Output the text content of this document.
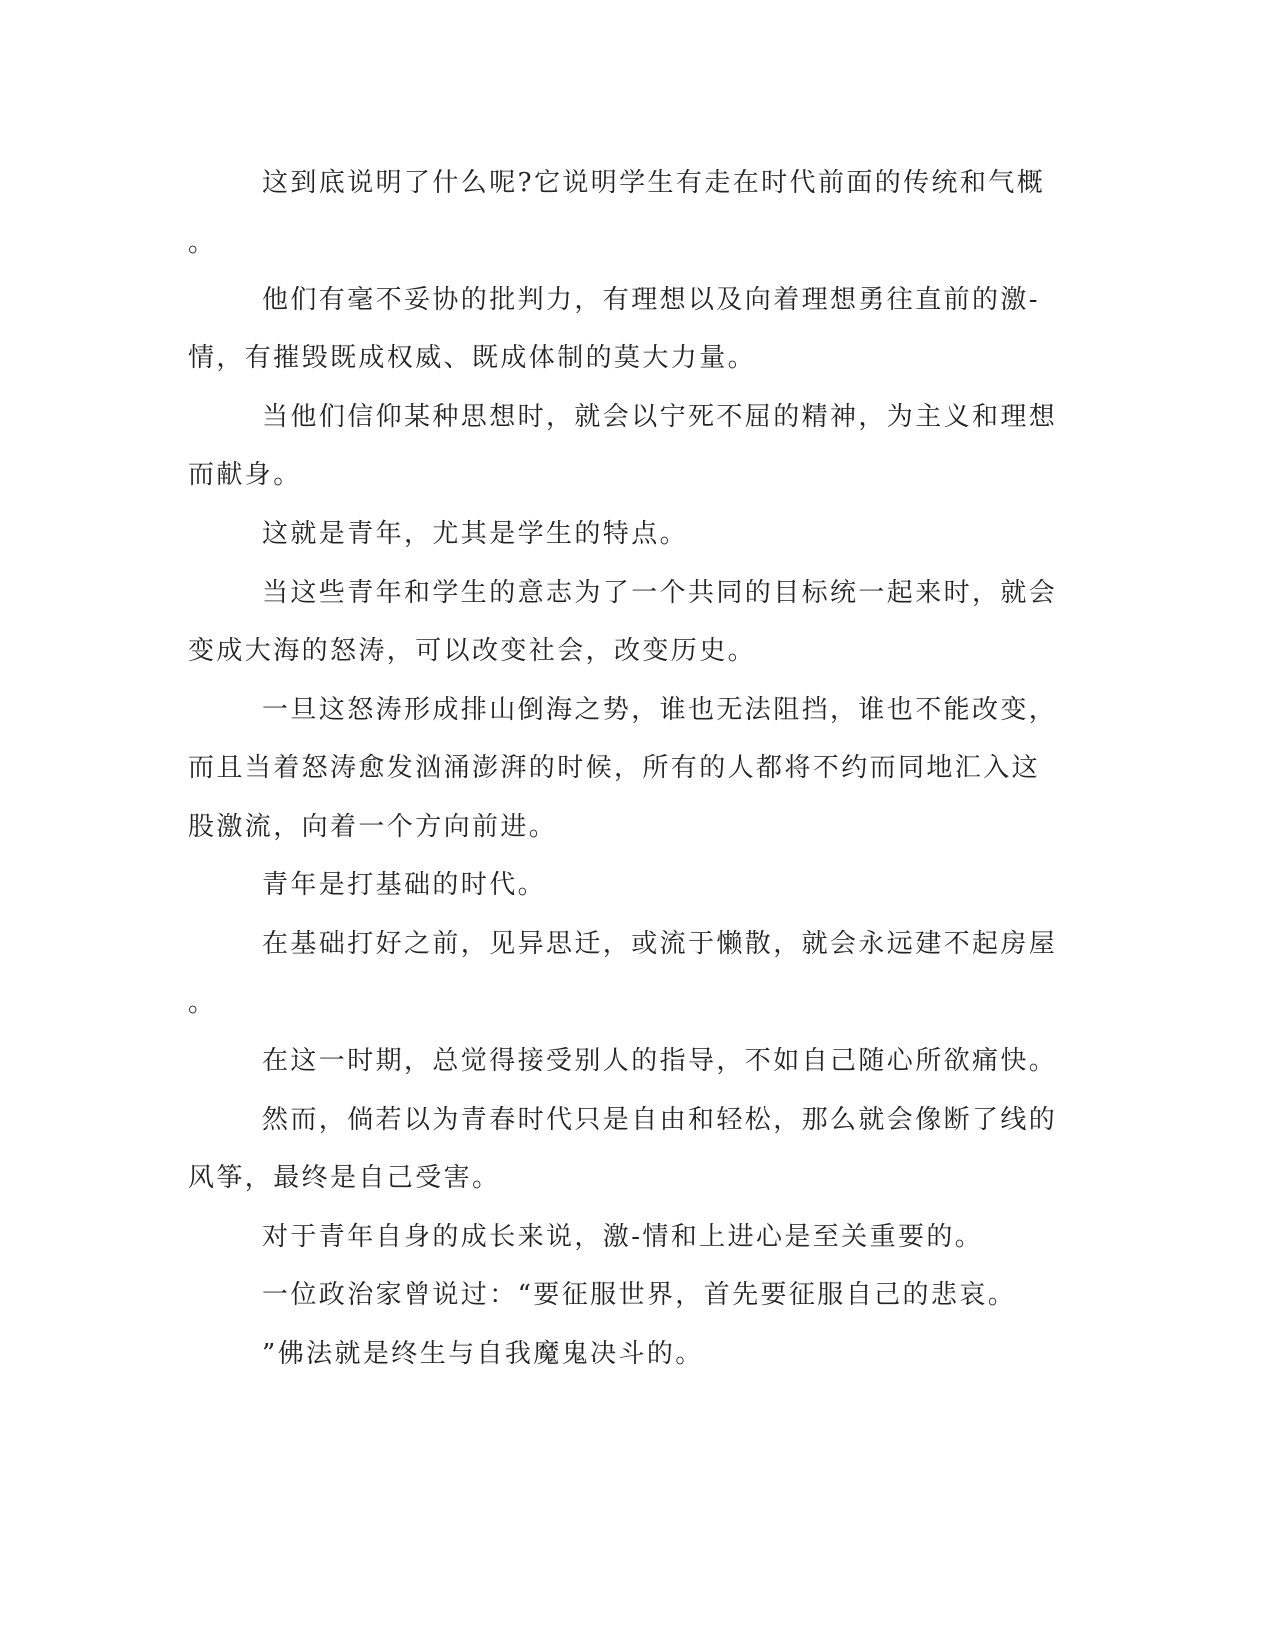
这到底说明了什么呢?它说明学生有走在时代前面的传统和气概
。
他们有毫不妥协的批判力，有理想以及向着理想勇往直前的激-
情，有摧毁既成权威、既成体制的莫大力量。
当他们信仰某种思想时，就会以宁死不屈的精神，为主义和理想
而献身。
这就是青年，尤其是学生的特点。
当这些青年和学生的意志为了一个共同的目标统一起来时，就会
变成大海的怒涛，可以改变社会，改变历史。
一旦这怒涛形成排山倒海之势，谁也无法阻挡，谁也不能改变，
而且当着怒涛愈发汹涌澎湃的时候，所有的人都将不约而同地汇入这
股激流，向着一个方向前进。
青年是打基础的时代。
在基础打好之前，见异思迁，或流于懒散，就会永远建不起房屋
。
在这一时期，总觉得接受别人的指导，不如自己随心所欲痛快。
然而，倘若以为青春时代只是自由和轻松，那么就会像断了线的
风筝，最终是自己受害。
对于青年自身的成长来说，激-情和上进心是至关重要的。
一位政治家曾说过：“要征服世界，首先要征服自己的悲哀。
”佛法就是终生与自我魔鬼决斗的。
